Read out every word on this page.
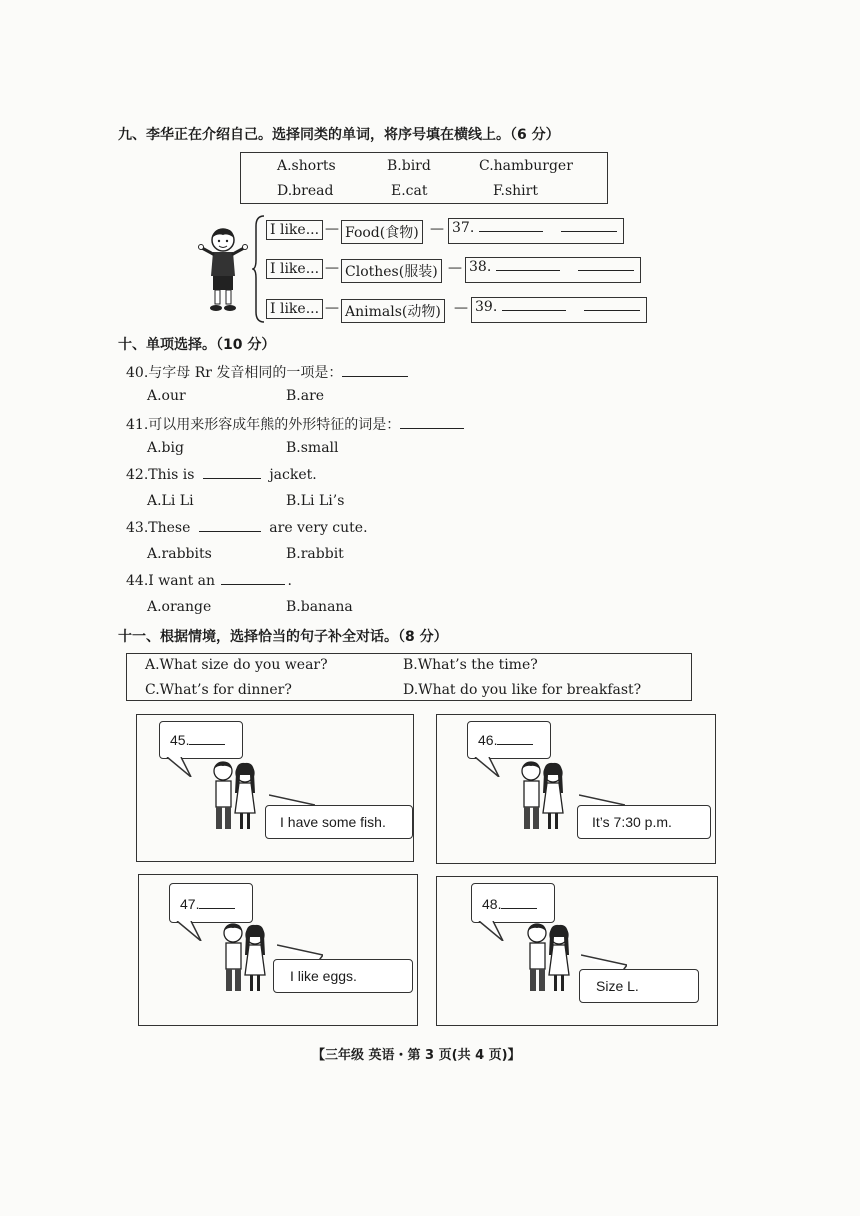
九、李华正在介绍自己。选择同类的单词，将序号填在横线上。（6 分）
A.shorts	B.bird	C.hamburger
D.bread	E.cat	F.shirt
I like... — Food(食物) — 37.
I like... — Clothes(服装) — 38.
I like... — Animals(动物) — 39.
十、单项选择。（10 分）
40.与字母 Rr 发音相同的一项是：
A.our	B.are
41.可以用来形容成年熊的外形特征的词是：
A.big	B.small
42.This is	jacket.
A.Li Li	B.Li Li’s
43.These	are very cute.
A.rabbits	B.rabbit
44.I want an	.
A.orange	B.banana
十一、根据情境，选择恰当的句子补全对话。（8 分）
A.What size do you wear?	B.What’s the time?
C.What’s for dinner?	D.What do you like for breakfast?
45.
I have some fish.
46.
It’s 7:30 p.m.
47.
I like eggs.
48.
Size L.
【三年级 英语・第 3 页(共 4 页)】
